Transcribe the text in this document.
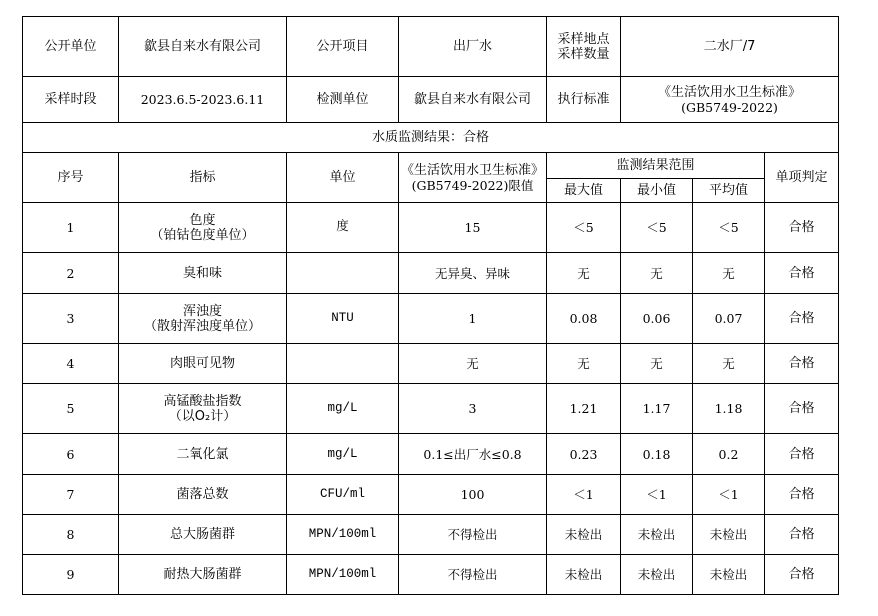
公开单位	歙县自来水有限公司	公开项目	出厂水	采样地点
采样数量	二水厂/7		
采样时段	2023.6.5-2023.6.11	检测单位	歙县自来水有限公司	执行标准	《生活饮用水卫生标准》
(GB5749-2022)		

水质监测结果：合格							
序号	指标	单位	《生活饮用水卫生标准》
(GB5749-2022)限值	监测结果范围			单项判定
				最大值	最小值	平均值	
1	色度
（铂钴色度单位）	度	15	＜5	＜5	＜5	合格
2	臭和味		无异臭、异味	无	无	无	合格
3	浑浊度
（散射浑浊度单位）	NTU	1	0.08	0.06	0.07	合格
4	肉眼可见物		无	无	无	无	合格
5	高锰酸盐指数
（以O₂计）	mg/L	3	1.21	1.17	1.18	合格
6	二氧化氯	mg/L	0.1≤出厂水≤0.8	0.23	0.18	0.2	合格
7	菌落总数	CFU/ml	100	＜1	＜1	＜1	合格
8	总大肠菌群	MPN/100ml	不得检出	未检出	未检出	未检出	合格
9	耐热大肠菌群	MPN/100ml	不得检出	未检出	未检出	未检出	合格
